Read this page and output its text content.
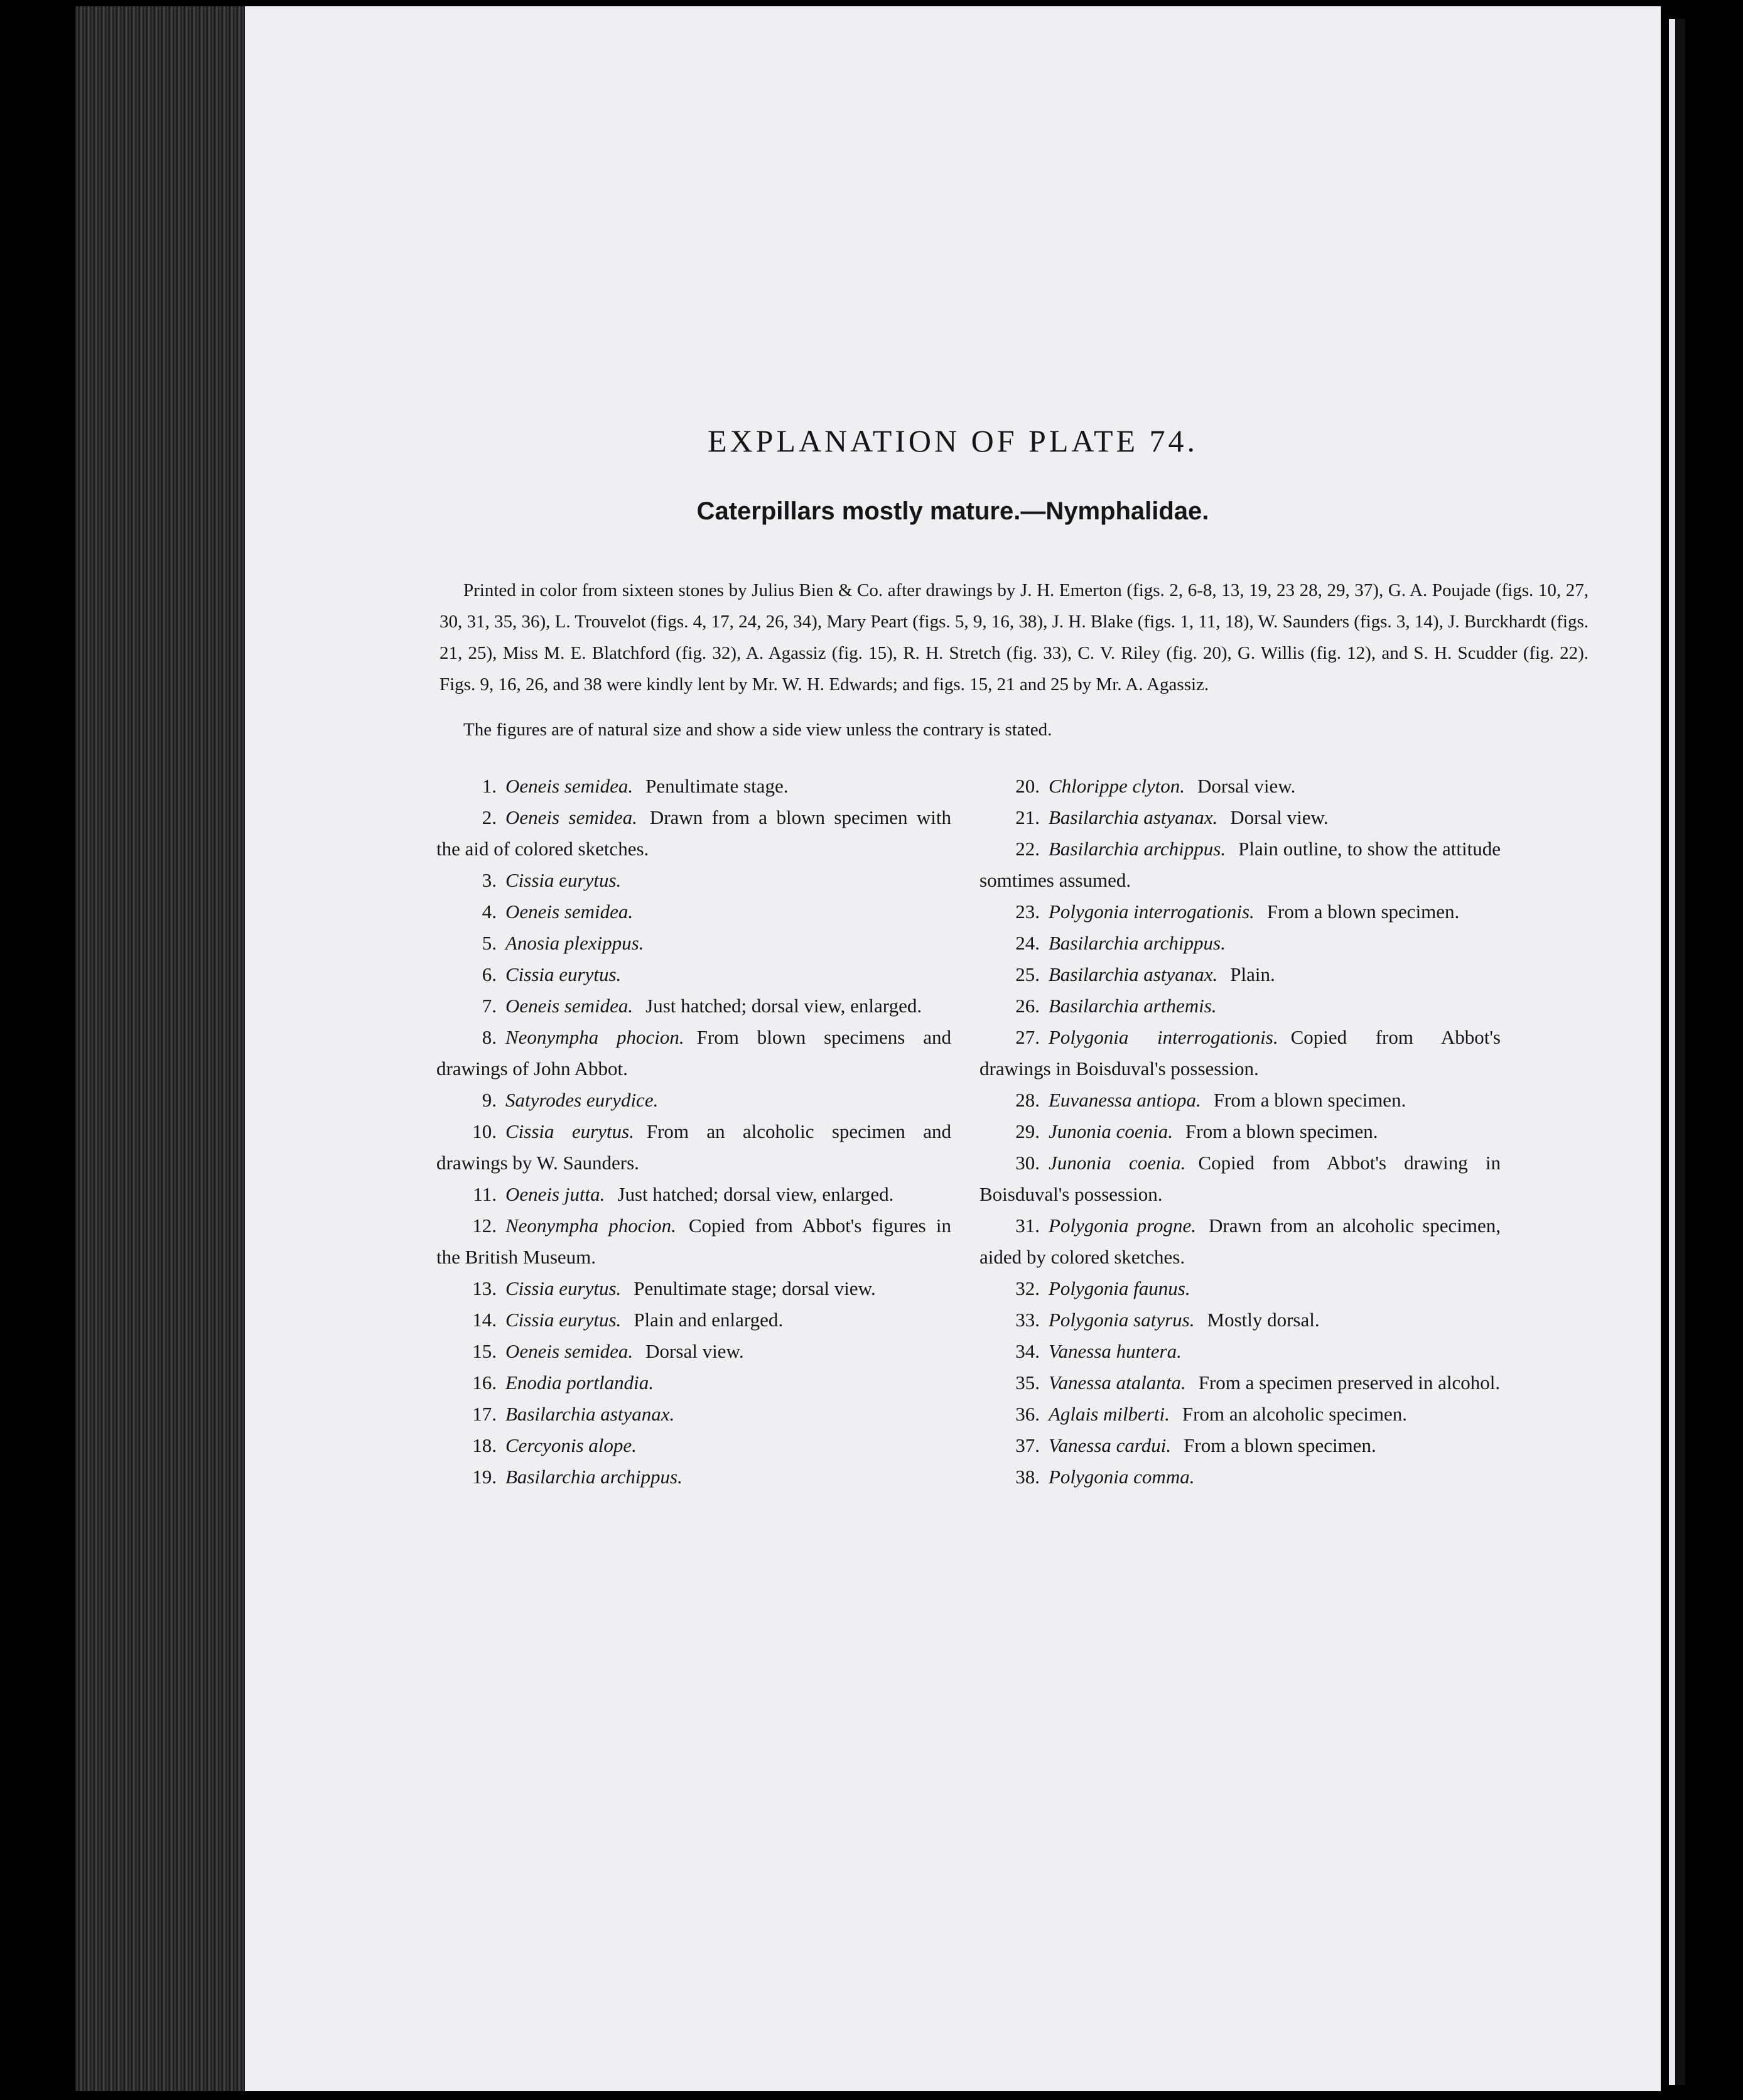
EXPLANATION OF PLATE 74.
Caterpillars mostly mature.—Nymphalidae.
Printed in color from sixteen stones by Julius Bien & Co. after drawings by J. H. Emerton (figs. 2, 6-8, 13, 19, 23 28, 29, 37), G. A. Poujade (figs. 10, 27, 30, 31, 35, 36), L. Trouvelot (figs. 4, 17, 24, 26, 34), Mary Peart (figs. 5, 9, 16, 38), J. H. Blake (figs. 1, 11, 18), W. Saunders (figs. 3, 14), J. Burckhardt (figs. 21, 25), Miss M. E. Blatchford (fig. 32), A. Agassiz (fig. 15), R. H. Stretch (fig. 33), C. V. Riley (fig. 20), G. Willis (fig. 12), and S. H. Scudder (fig. 22). Figs. 9, 16, 26, and 38 were kindly lent by Mr. W. H. Edwards; and figs. 15, 21 and 25 by Mr. A. Agassiz.
The figures are of natural size and show a side view unless the contrary is stated.

1. Oeneis semidea. Penultimate stage.

2. Oeneis semidea. Drawn from a blown specimen with the aid of colored sketches.

3. Cissia eurytus.

4. Oeneis semidea.

5. Anosia plexippus.

6. Cissia eurytus.

7. Oeneis semidea. Just hatched; dorsal view, enlarged.

8. Neonympha phocion. From blown specimens and drawings of John Abbot.

9. Satyrodes eurydice.

10. Cissia eurytus. From an alcoholic specimen and drawings by W. Saunders.

11. Oeneis jutta. Just hatched; dorsal view, enlarged.

12. Neonympha phocion. Copied from Abbot's figures in the British Museum.

13. Cissia eurytus. Penultimate stage; dorsal view.

14. Cissia eurytus. Plain and enlarged.

15. Oeneis semidea. Dorsal view.

16. Enodia portlandia.

17. Basilarchia astyanax.

18. Cercyonis alope.

19. Basilarchia archippus.

20. Chlorippe clyton. Dorsal view.

21. Basilarchia astyanax. Dorsal view.

22. Basilarchia archippus. Plain outline, to show the attitude somtimes assumed.

23. Polygonia interrogationis. From a blown specimen.

24. Basilarchia archippus.

25. Basilarchia astyanax. Plain.

26. Basilarchia arthemis.

27. Polygonia interrogationis. Copied from Abbot's drawings in Boisduval's possession.

28. Euvanessa antiopa. From a blown specimen.

29. Junonia coenia. From a blown specimen.

30. Junonia coenia. Copied from Abbot's drawing in Boisduval's possession.

31. Polygonia progne. Drawn from an alcoholic specimen, aided by colored sketches.

32. Polygonia faunus.

33. Polygonia satyrus. Mostly dorsal.

34. Vanessa huntera.

35. Vanessa atalanta. From a specimen preserved in alcohol.

36. Aglais milberti. From an alcoholic specimen.

37. Vanessa cardui. From a blown specimen.

38. Polygonia comma.
